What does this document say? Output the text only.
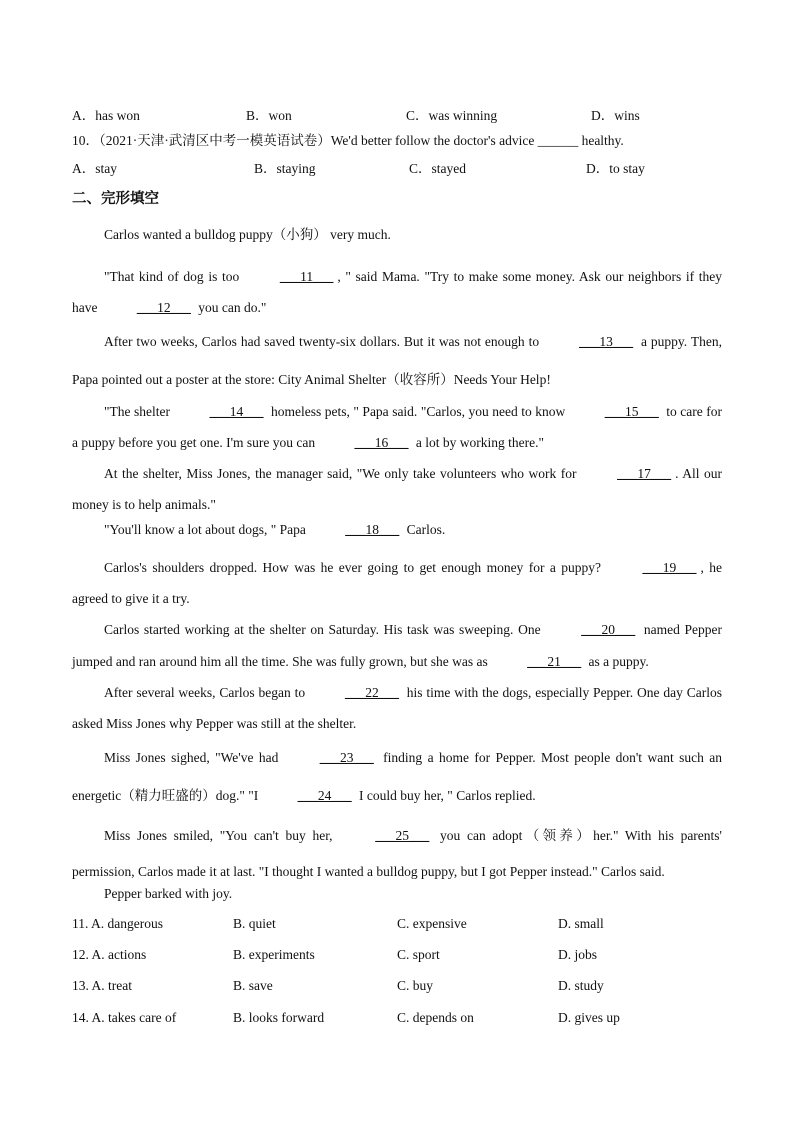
A．has won	B．won	C．was winning	D．wins
10．（2021·天津·武清区中考一模英语试卷）We'd better follow the doctor's advice ______ healthy.
A．stay	B．staying	C．stayed	D．to stay
二、完形填空
Carlos wanted a bulldog puppy（小狗） very much.
"That kind of dog is too	___11___ , " said Mama. "Try to make some money. Ask our neighbors if they have	___12___ you can do."
After two weeks, Carlos had saved twenty-six dollars. But it was not enough to	___13___ a puppy. Then, Papa pointed out a poster at the store: City Animal Shelter（收容所）Needs Your Help!
"The shelter	___14___ homeless pets, " Papa said. "Carlos, you need to know	___15___ to care for a puppy before you get one. I'm sure you can	___16___ a lot by working there."
At the shelter, Miss Jones, the manager said, "We only take volunteers who work for	___17___ . All our money is to help animals."
"You'll know a lot about dogs, " Papa	___18___ Carlos.
Carlos's shoulders dropped. How was he ever going to get enough money for a puppy?	___19___ , he agreed to give it a try.
Carlos started working at the shelter on Saturday. His task was sweeping. One	___20___ named Pepper jumped and ran around him all the time. She was fully grown, but she was as	___21___ as a puppy.
After several weeks, Carlos began to	___22___ his time with the dogs, especially Pepper. One day Carlos asked Miss Jones why Pepper was still at the shelter.
Miss Jones sighed, "We've had	___23___ finding a home for Pepper. Most people don't want such an energetic（精力旺盛的）dog." "I	___24___ I could buy her, " Carlos replied.
Miss Jones smiled, "You can't buy her,	___25___ you can adopt（领养）her." With his parents' permission, Carlos made it at last. "I thought I wanted a bulldog puppy, but I got Pepper instead." Carlos said.
Pepper barked with joy.
11. A. dangerous	B. quiet	C. expensive	D. small
12. A. actions	B. experiments	C. sport	D. jobs
13. A. treat	B. save	C. buy	D. study
14. A. takes care of	B. looks forward	C. depends on	D. gives up
